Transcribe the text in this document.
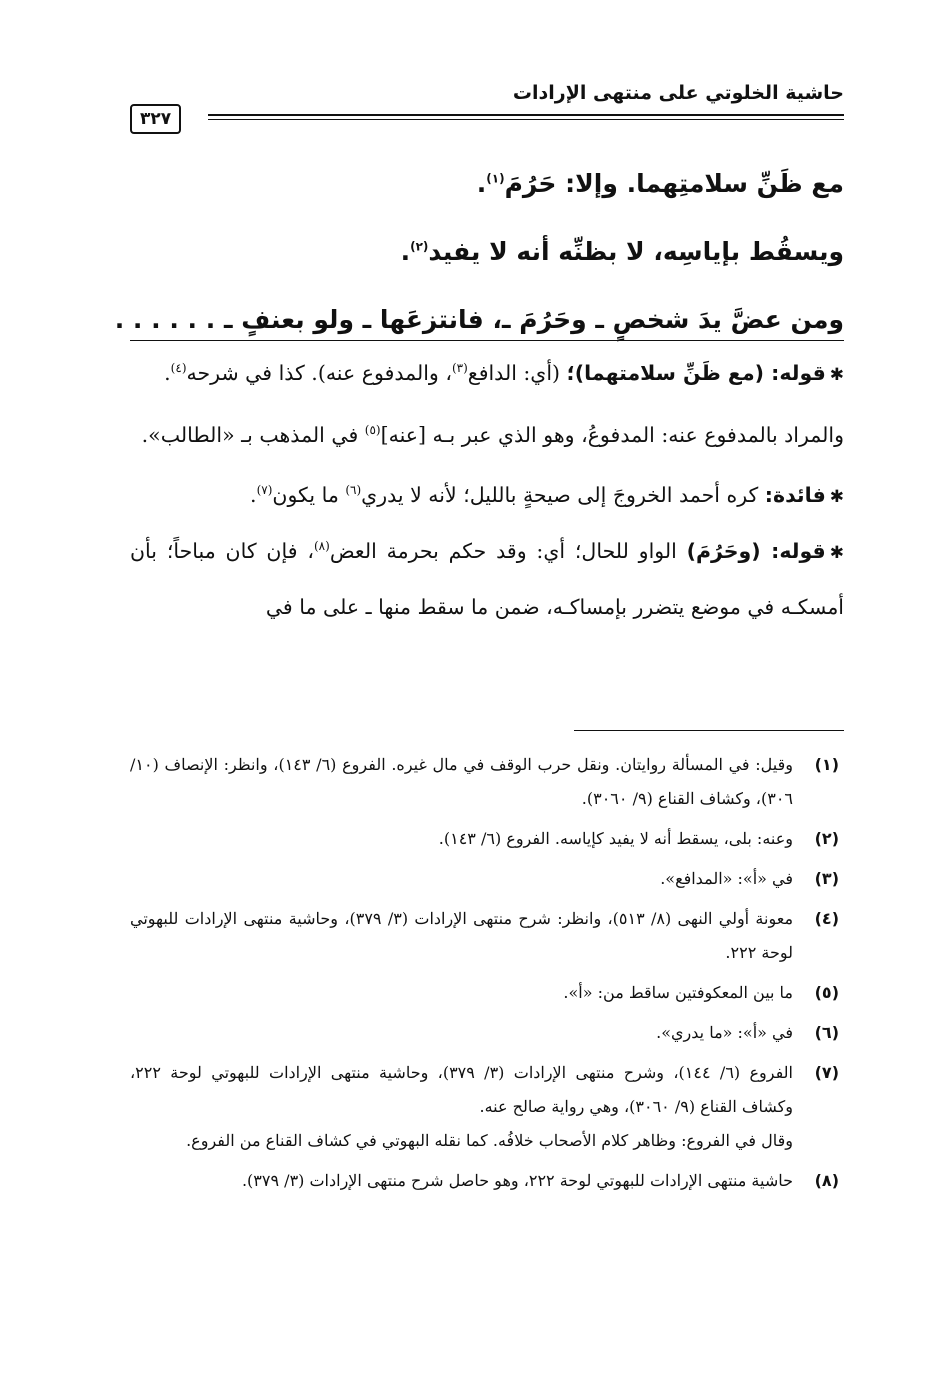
حاشية الخلوتي على منتهى الإرادات
٣٢٧
مع ظَنِّ سلامتِهما. وإلا: حَرُمَ$^{(١)}$.
ويسقُط بإياسِه، لا بظنِّه أنه لا يفيد$^{(٢)}$.
ومن عضَّ يدَ شخصٍ ـ وحَرُمَ ـ، فانتزعَها ـ ولو بعنفٍ ـ . . . . . .

✱قوله: (مع ظَنِّ سلامتهما)؛ (أي: الدافع$^{(٣)}$، والمدفوع عنه). كذا في شرحه$^{(٤)}$.

والمراد بالمدفوع عنه: المدفوعُ، وهو الذي عبر بـه [عنه]$^{(٥)}$ في المذهب بـ «الطالب».

✱فائدة: كره أحمد الخروجَ إلى صيحةٍ بالليل؛ لأنه لا يدري$^{(٦)}$ ما يكون$^{(٧)}$.

✱قوله: (وحَرُمَ) الواو للحال؛ أي: وقد حكم بحرمة العض$^{(٨)}$، فإن كان مباحاً؛ بأن أمسكـه في موضع يتضرر بإمساكـه، ضمن ما سقط منها ـ على ما في

(١)

وقيل: في المسألة روايتان. ونقل حرب الوقف في مال غيره. الفروع (٦/ ١٤٣)، وانظر: الإنصاف (١٠/ ٣٠٦)، وكشاف القناع (٩/ ٣٠٦٠).

(٢)

وعنه: بلى، يسقط أنه لا يفيد كإياسه. الفروع (٦/ ١٤٣).

(٣)

في «أ»: «المدافع».

(٤)

معونة أولي النهى (٨/ ٥١٣)، وانظر: شرح منتهى الإرادات (٣/ ٣٧٩)، وحاشية منتهى الإرادات للبهوتي لوحة ٢٢٢.

(٥)

ما بين المعكوفتين ساقط من: «أ».

(٦)

في «أ»: «ما يدري».

(٧)

الفروع (٦/ ١٤٤)، وشرح منتهى الإرادات (٣/ ٣٧٩)، وحاشية منتهى الإرادات للبهوتي لوحة ٢٢٢، وكشاف القناع (٩/ ٣٠٦٠)، وهي رواية صالح عنه.

وقال في الفروع: وظاهر كلام الأصحاب خلافُه. كما نقله البهوتي في كشاف القناع من الفروع.

(٨)

حاشية منتهى الإرادات للبهوتي لوحة ٢٢٢، وهو حاصل شرح منتهى الإرادات (٣/ ٣٧٩).
